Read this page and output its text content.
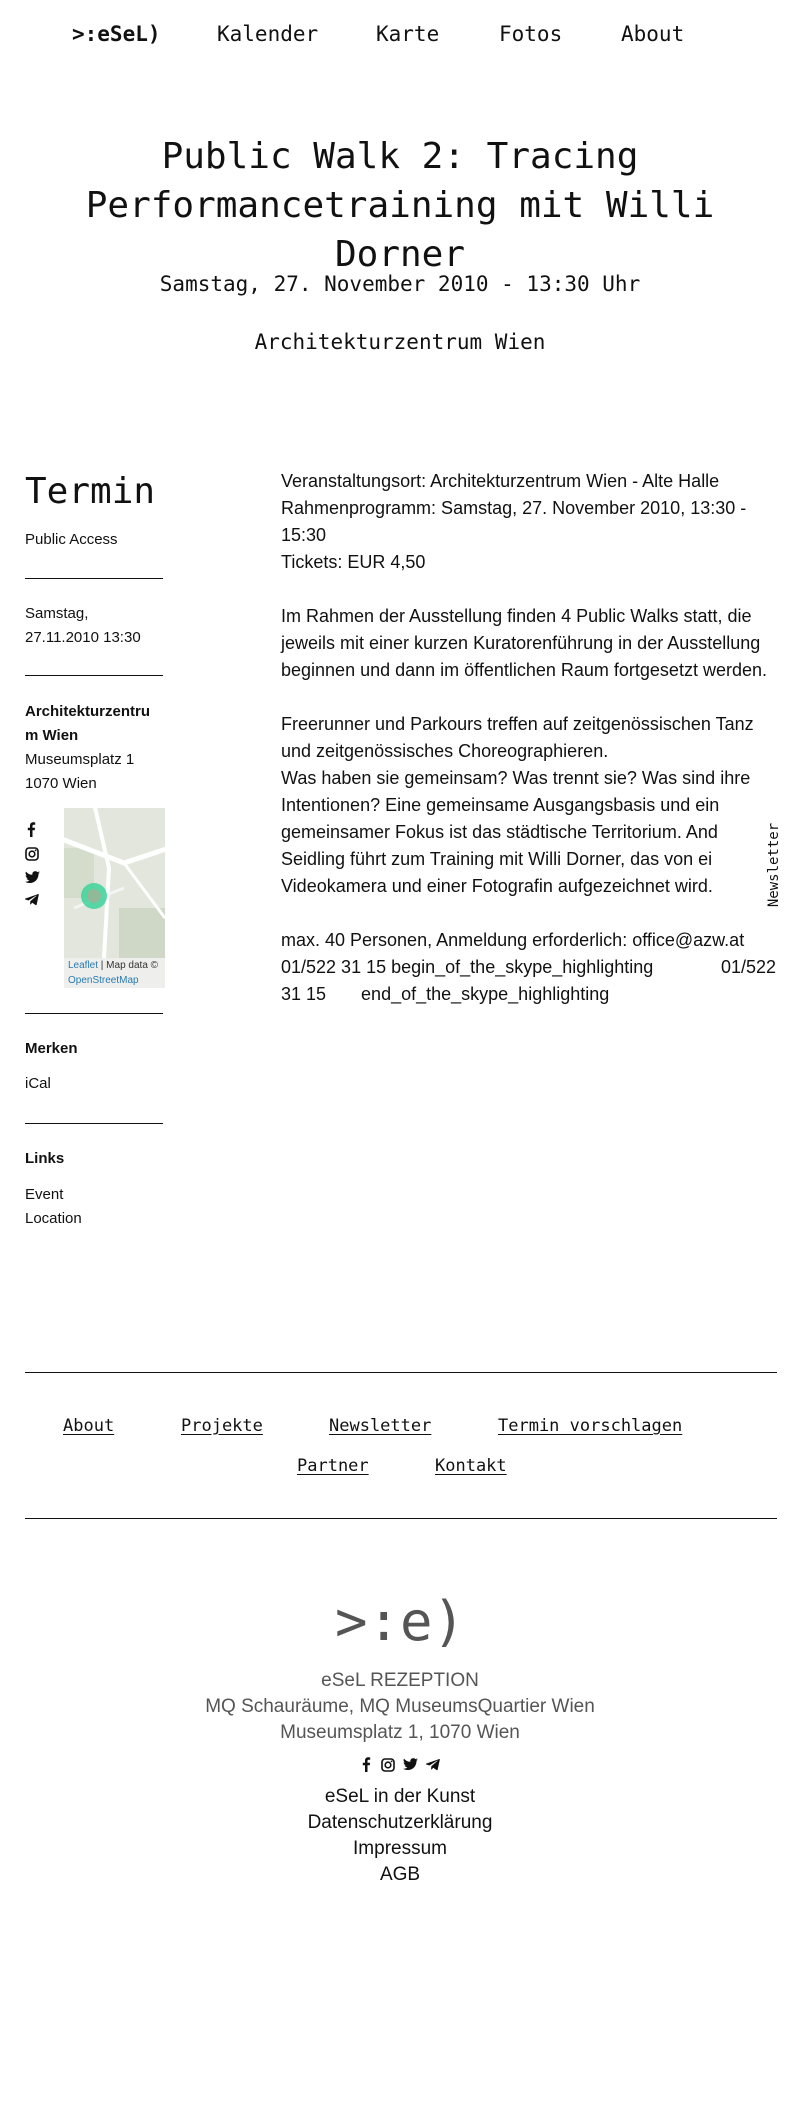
>:eSeL)	Kalender	Karte	Fotos	About
Public Walk 2: Tracing Performancetraining mit Willi Dorner
Samstag, 27. November 2010 - 13:30 Uhr
Architekturzentrum Wien
Termin
Public Access
Samstag,
27.11.2010 13:30
Architekturzentru
m Wien
Museumsplatz 1
1070 Wien
Leaflet | Map data ©
OpenStreetMap
Merken
iCal
Links
Event
Location

Veranstaltungsort: Architekturzentrum Wien - Alte Halle

Rahmenprogramm: Samstag, 27. November 2010, 13:30 - 15:30

Tickets: EUR 4,50

Im Rahmen der Ausstellung finden 4 Public Walks statt, die jeweils mit einer kurzen Kuratorenführung in der Ausstellung beginnen und dann im öffentlichen Raum fortgesetzt werden.

Freerunner und Parkours treffen auf zeitgenössischen Tanz und zeitgenössisches Choreographieren.

Was haben sie gemeinsam? Was trennt sie? Was sind ihre Intentionen? Eine gemeinsame Ausgangsbasis und ein gemeinsamer Fokus ist das städtische Territorium. And Seidling führt zum Training mit Willi Dorner, das von ei Videokamera und einer Fotografin aufgezeichnet wird.

max. 40 Personen, Anmeldung erforderlich: office@azw.at

01/522 31 15 begin_of_the_skype_highlighting	01/522

31 15       end_of_the_skype_highlighting

Newsletter
About	Projekte	Newsletter	Termin vorschlagen
Partner	Kontakt
>:e)
eSeL REZEPTION
MQ Schauräume, MQ MuseumsQuartier Wien
Museumsplatz 1, 1070 Wien
eSeL in der Kunst
Datenschutzerklärung
Impressum
AGB
